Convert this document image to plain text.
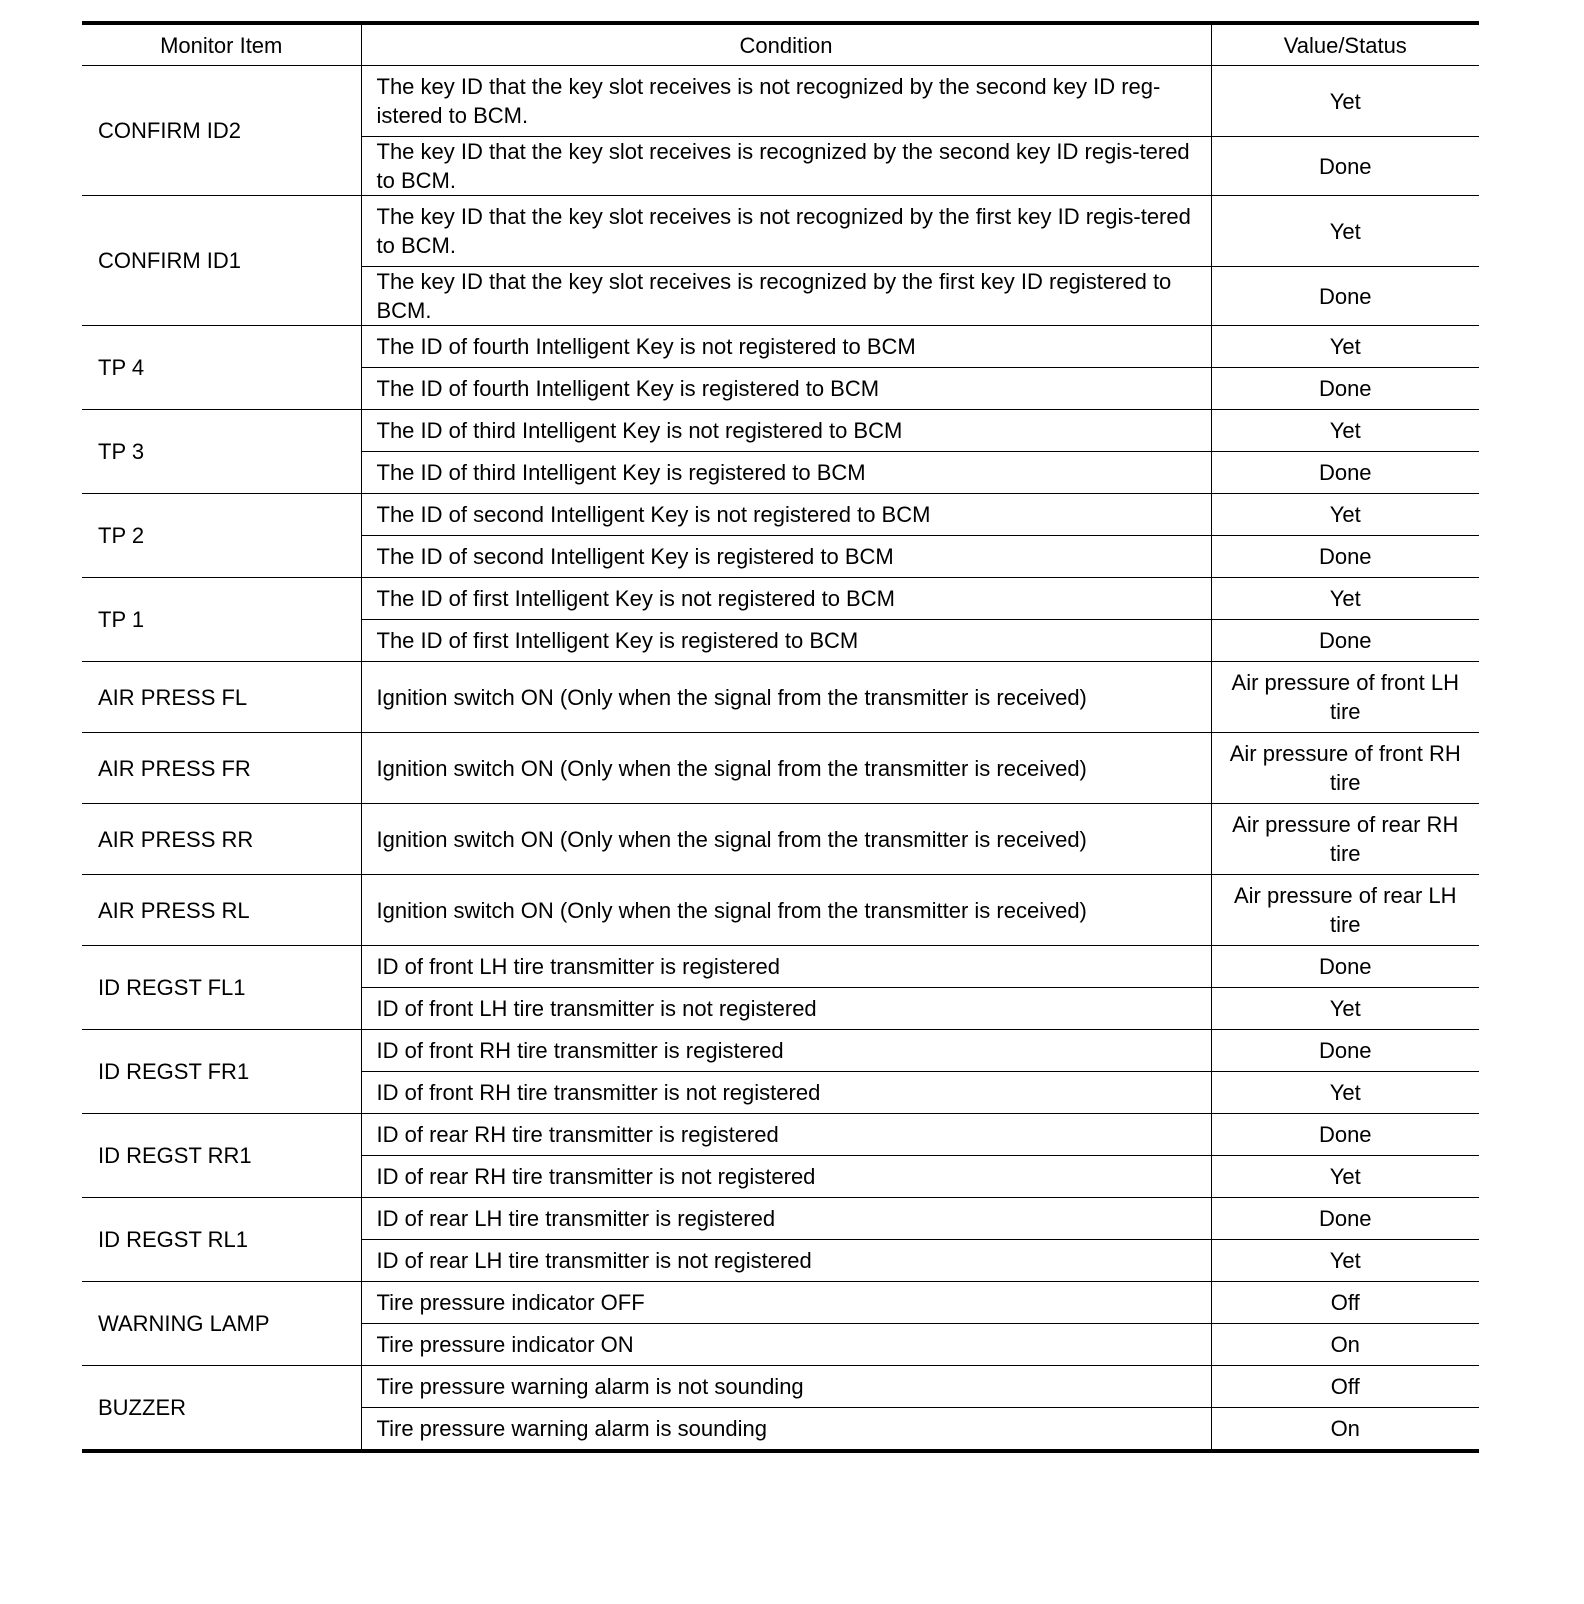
Monitor Item	Condition	Value/Status
CONFIRM ID2	The key ID that the key slot receives is not recognized by the second key ID reg-istered to BCM.	Yet
	The key ID that the key slot receives is recognized by the second key ID regis-tered to BCM.	Done
CONFIRM ID1	The key ID that the key slot receives is not recognized by the first key ID regis-tered to BCM.	Yet
	The key ID that the key slot receives is recognized by the first key ID registered to BCM.	Done
TP 4	The ID of fourth Intelligent Key is not registered to BCM	Yet
	The ID of fourth Intelligent Key is registered to BCM	Done
TP 3	The ID of third Intelligent Key is not registered to BCM	Yet
	The ID of third Intelligent Key is registered to BCM	Done
TP 2	The ID of second Intelligent Key is not registered to BCM	Yet
	The ID of second Intelligent Key is registered to BCM	Done
TP 1	The ID of first Intelligent Key is not registered to BCM	Yet
	The ID of first Intelligent Key is registered to BCM	Done
AIR PRESS FL	Ignition switch ON (Only when the signal from the transmitter is received)	Air pressure of front LH tire
AIR PRESS FR	Ignition switch ON (Only when the signal from the transmitter is received)	Air pressure of front RH tire
AIR PRESS RR	Ignition switch ON (Only when the signal from the transmitter is received)	Air pressure of rear RH tire
AIR PRESS RL	Ignition switch ON (Only when the signal from the transmitter is received)	Air pressure of rear LH tire
ID REGST FL1	ID of front LH tire transmitter is registered	Done
	ID of front LH tire transmitter is not registered	Yet
ID REGST FR1	ID of front RH tire transmitter is registered	Done
	ID of front RH tire transmitter is not registered	Yet
ID REGST RR1	ID of rear RH tire transmitter is registered	Done
	ID of rear RH tire transmitter is not registered	Yet
ID REGST RL1	ID of rear LH tire transmitter is registered	Done
	ID of rear LH tire transmitter is not registered	Yet
WARNING LAMP	Tire pressure indicator OFF	Off
	Tire pressure indicator ON	On
BUZZER	Tire pressure warning alarm is not sounding	Off
	Tire pressure warning alarm is sounding	On
